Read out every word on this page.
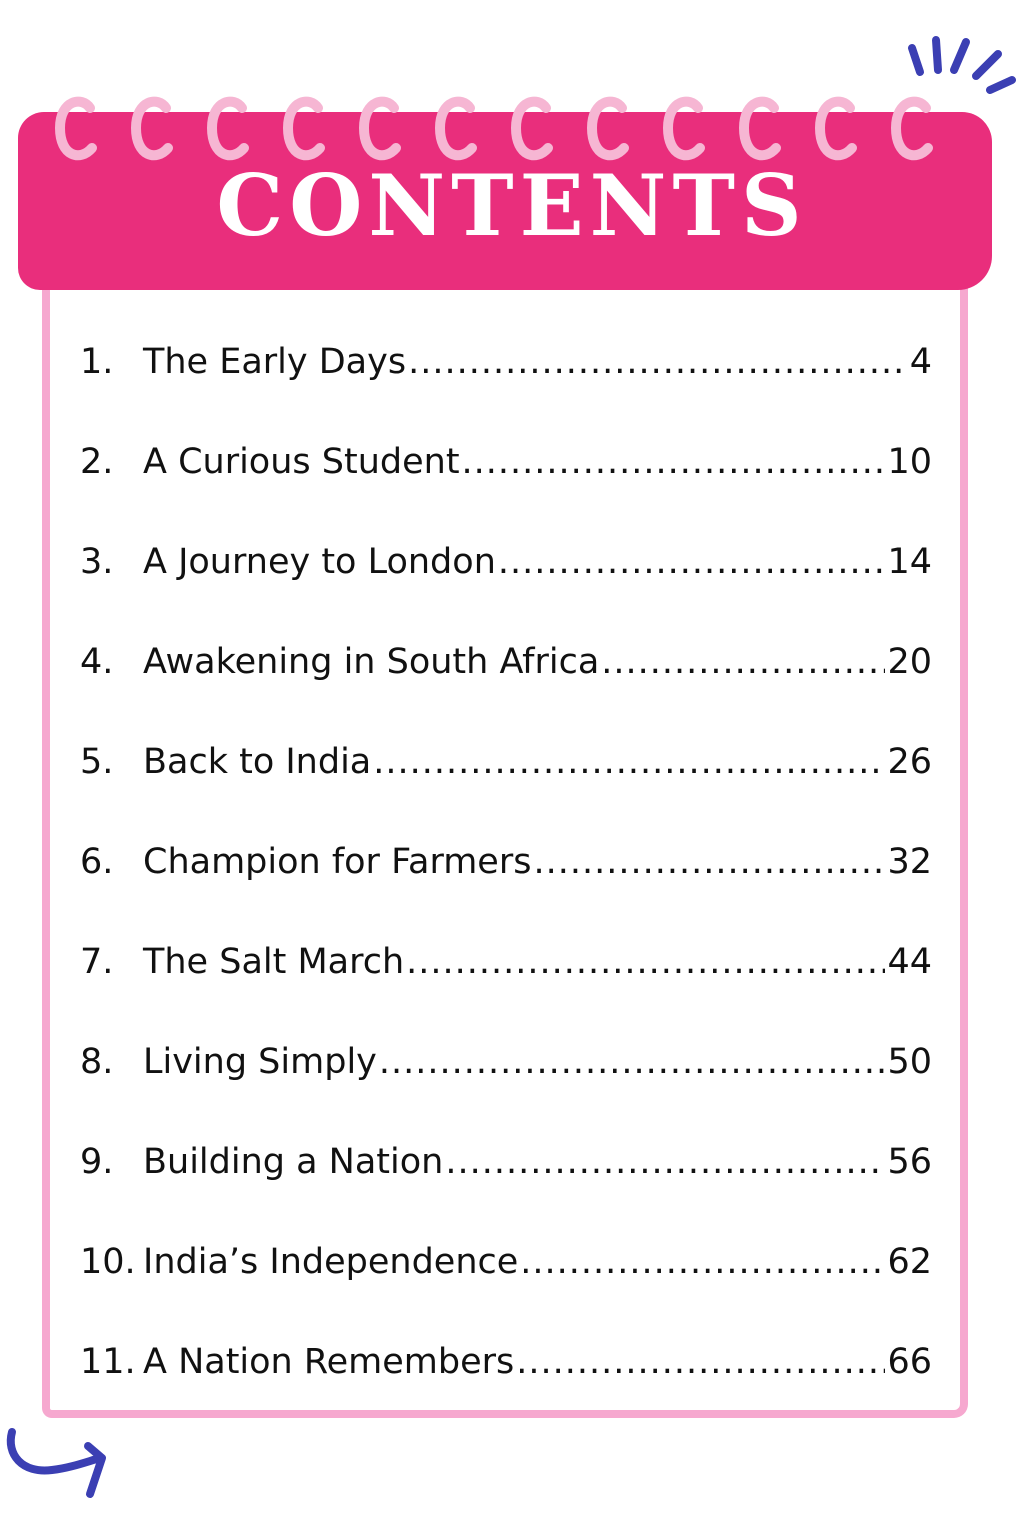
CONTENTS
1. The Early Days .....	4
2. A Curious Student .....	10
3. A Journey to London .....	14
4. Awakening in South Africa .....	20
5. Back to India .....	26
6. Champion for Farmers .....	32
7. The Salt March .....	44
8. Living Simply .....	50
9. Building a Nation .....	56
10. India’s Independence .....	62
11. A Nation Remembers .....	66
